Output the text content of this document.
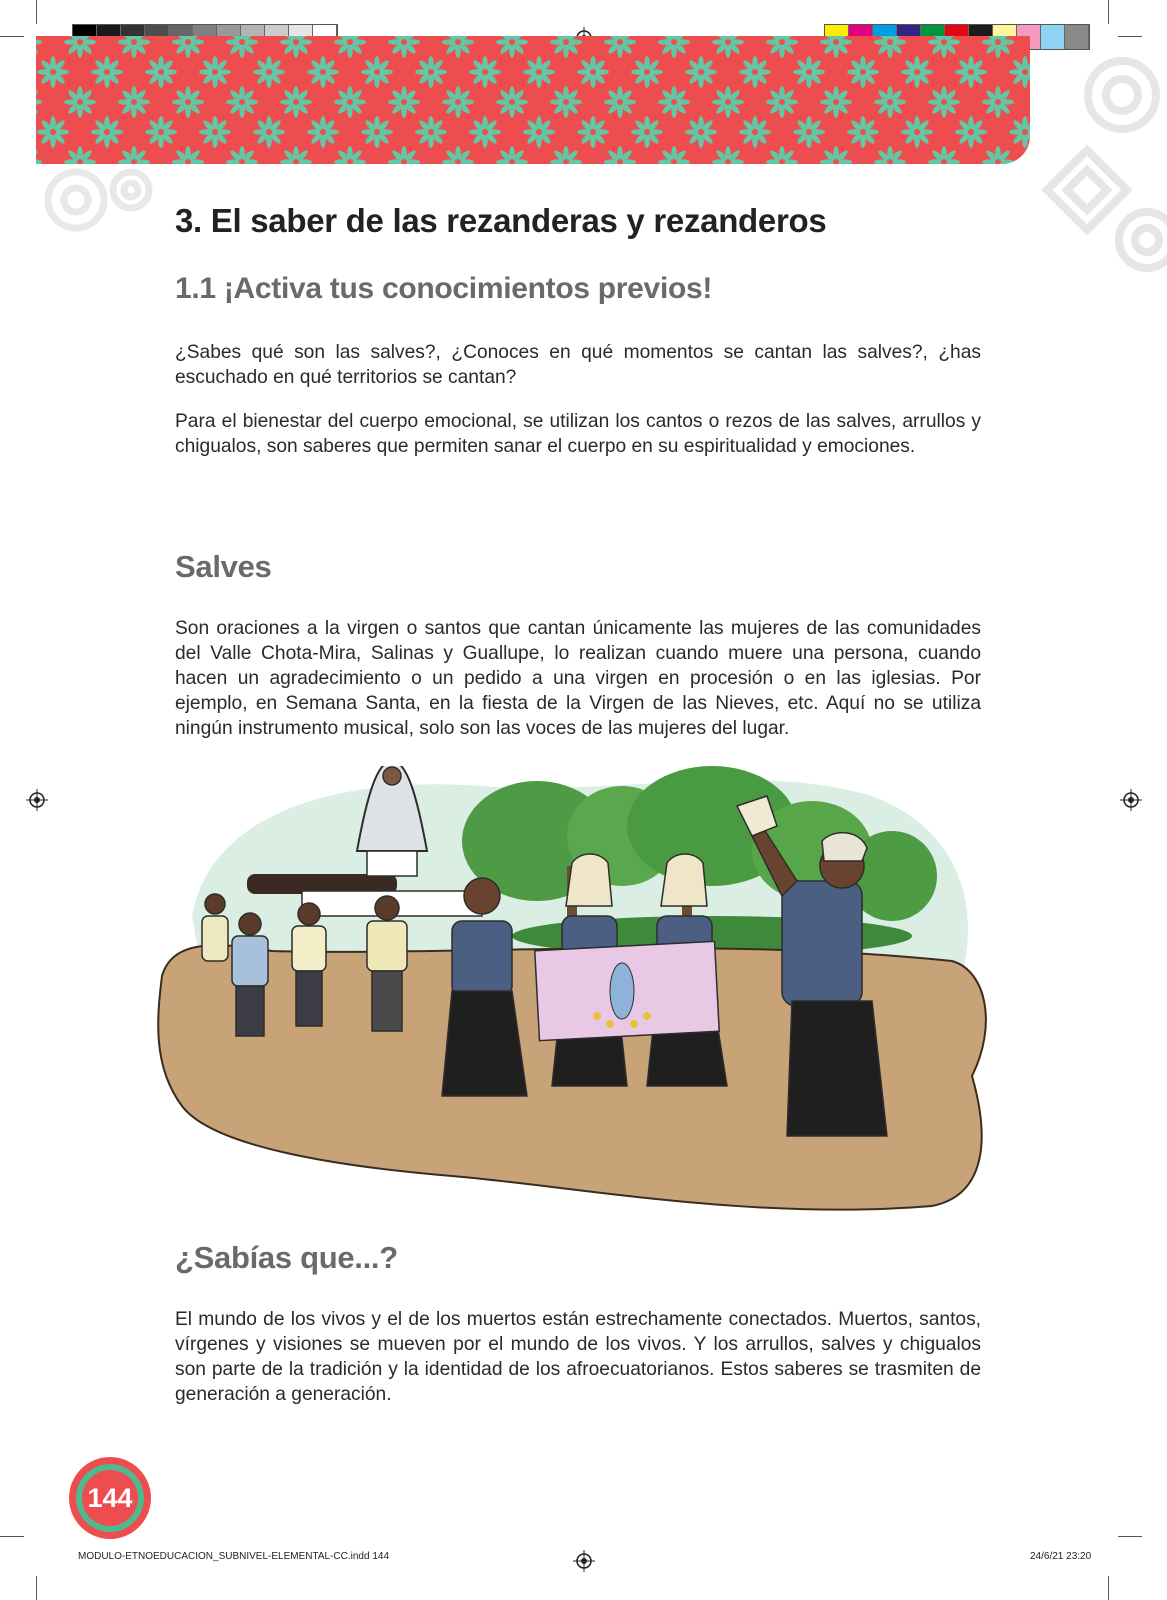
3. El saber de las rezanderas y rezanderos
1.1 ¡Activa tus conocimientos previos!

¿Sabes qué son las salves?, ¿Conoces en qué momentos se cantan las salves?, ¿has escuchado en qué territorios se cantan?

Para el bienestar del cuerpo emocional, se utilizan los cantos o rezos de las salves, arrullos y chigualos, son saberes que permiten sanar el cuerpo en su espiritualidad y emociones.

Salves

Son oraciones a la virgen o santos que cantan únicamente las mujeres de las comunidades del Valle Chota-Mira, Salinas y Guallupe, lo realizan cuando muere una persona, cuando hacen un agradecimiento o un pedido a una virgen en procesión o en las iglesias. Por ejemplo, en Semana Santa, en la fiesta de la Virgen de las Nieves, etc. Aquí no se utiliza ningún instrumento musical, solo son las voces de las mujeres del lugar.

¿Sabías que...?

El mundo de los vivos y el de los muertos están estrechamente conectados. Muertos, santos, vírgenes y visiones se mueven por el mundo de los vivos. Y los arrullos, salves y chigualos son parte de la tradición y la identidad de los afroecuatorianos. Estos saberes se trasmiten de generación a generación.

144
MODULO-ETNOEDUCACION_SUBNIVEL-ELEMENTAL-CC.indd 144	24/6/21 23:20
